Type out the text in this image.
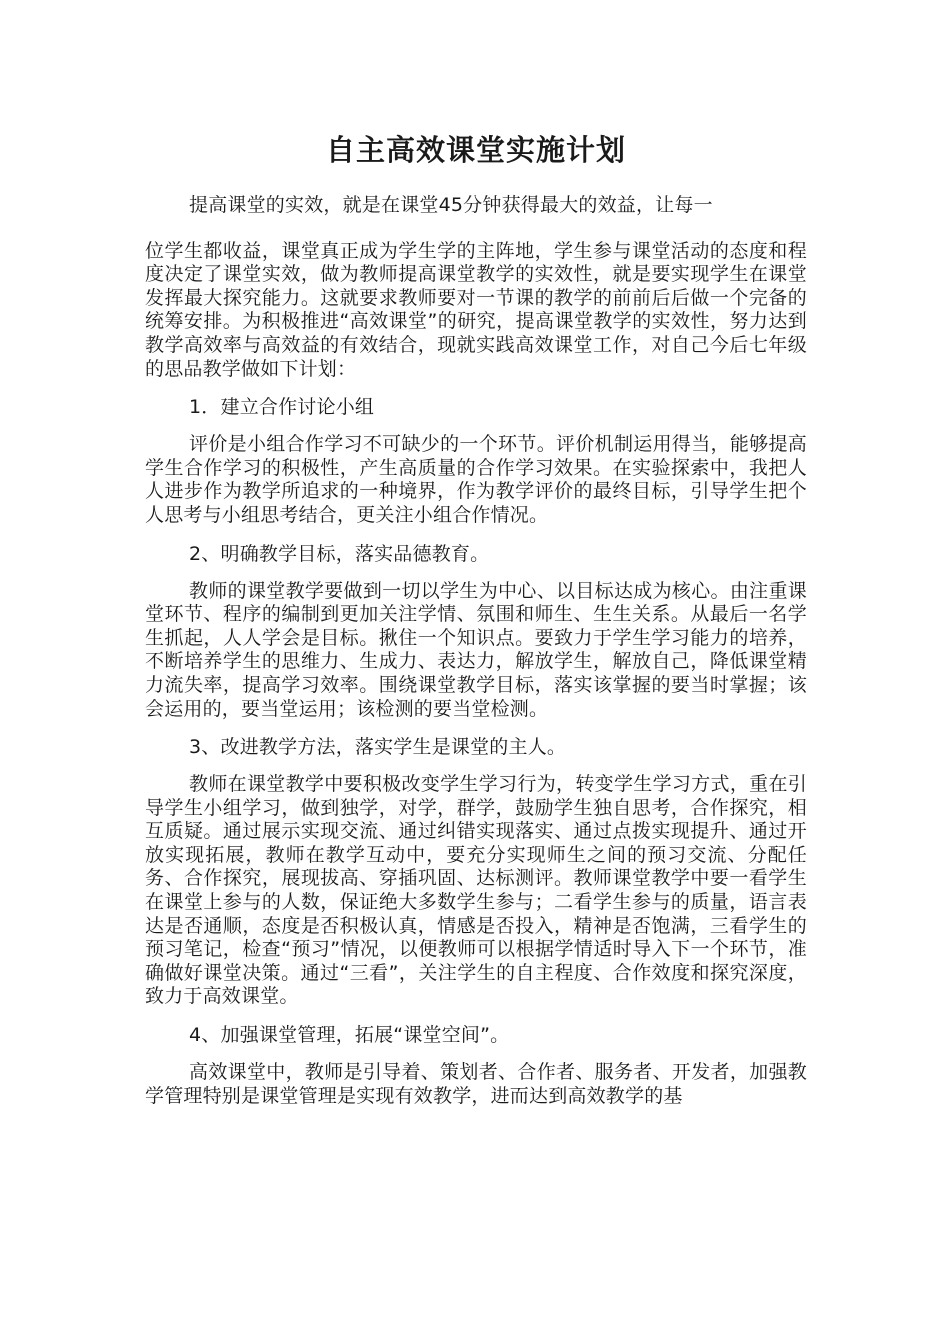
自主高效课堂实施计划
提高课堂的实效，就是在课堂45分钟获得最大的效益，让每一
位学生都收益，课堂真正成为学生学的主阵地，学生参与课堂活动的态度和程度决定了课堂实效，做为教师提高课堂教学的实效性，就是要实现学生在课堂发挥最大探究能力。这就要求教师要对一节课的教学的前前后后做一个完备的统筹安排。为积极推进“高效课堂”的研究，提高课堂教学的实效性，努力达到教学高效率与高效益的有效结合，现就实践高效课堂工作，对自己今后七年级的思品教学做如下计划：
1．建立合作讨论小组
评价是小组合作学习不可缺少的一个环节。评价机制运用得当，能够提高学生合作学习的积极性，产生高质量的合作学习效果。在实验探索中，我把人人进步作为教学所追求的一种境界，作为教学评价的最终目标，引导学生把个人思考与小组思考结合，更关注小组合作情况。
2、明确教学目标，落实品德教育。
教师的课堂教学要做到一切以学生为中心、以目标达成为核心。由注重课堂环节、程序的编制到更加关注学情、氛围和师生、生生关系。从最后一名学生抓起，人人学会是目标。揪住一个知识点。要致力于学生学习能力的培养，不断培养学生的思维力、生成力、表达力，解放学生，解放自己，降低课堂精力流失率，提高学习效率。围绕课堂教学目标，落实该掌握的要当时掌握；该会运用的，要当堂运用；该检测的要当堂检测。
3、改进教学方法，落实学生是课堂的主人。
教师在课堂教学中要积极改变学生学习行为，转变学生学习方式，重在引导学生小组学习，做到独学，对学，群学，鼓励学生独自思考，合作探究，相互质疑。通过展示实现交流、通过纠错实现落实、通过点拨实现提升、通过开放实现拓展，教师在教学互动中，要充分实现师生之间的预习交流、分配任务、合作探究，展现拔高、穿插巩固、达标测评。教师课堂教学中要一看学生在课堂上参与的人数，保证绝大多数学生参与；二看学生参与的质量，语言表达是否通顺，态度是否积极认真，情感是否投入，精神是否饱满，三看学生的预习笔记，检查“预习”情况，以便教师可以根据学情适时导入下一个环节，准确做好课堂决策。通过“三看”，关注学生的自主程度、合作效度和探究深度，致力于高效课堂。
4、加强课堂管理，拓展“课堂空间”。
高效课堂中，教师是引导着、策划者、合作者、服务者、开发者，加强教学管理特别是课堂管理是实现有效教学，进而达到高效教学的基
